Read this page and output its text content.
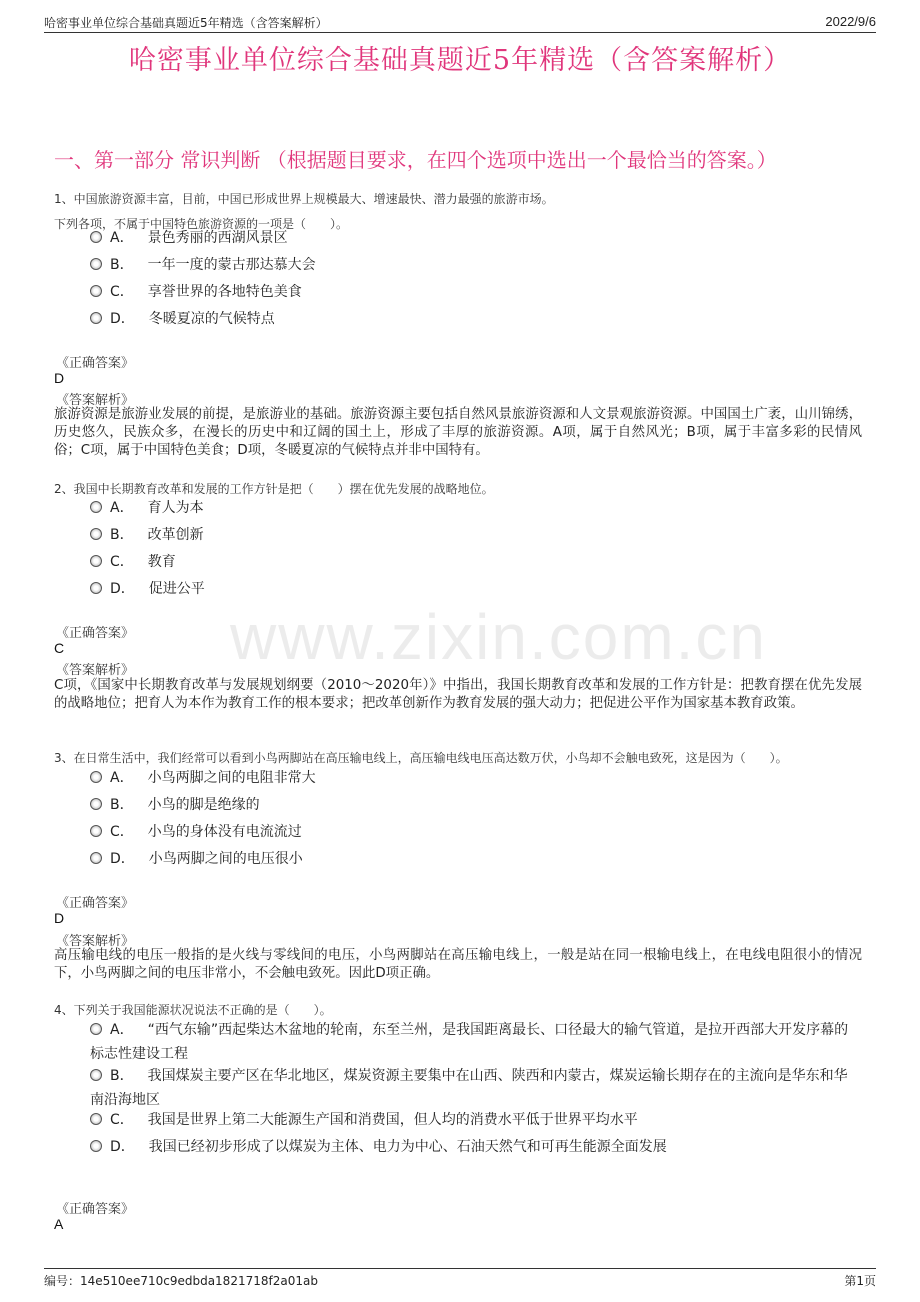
哈密事业单位综合基础真题近5年精选（含答案解析）	2022/9/6
哈密事业单位综合基础真题近5年精选（含答案解析）
一、第一部分 常识判断 （根据题目要求，在四个选项中选出一个最恰当的答案。）
www.zixin.com.cn
1、中国旅游资源丰富，目前，中国已形成世界上规模最大、增速最快、潜力最强的旅游市场。
下列各项，不属于中国特色旅游资源的一项是（　　）。
A． 景色秀丽的西湖风景区
B． 一年一度的蒙古那达慕大会
C． 享誉世界的各地特色美食
D． 冬暖夏凉的气候特点
《正确答案》
D
《答案解析》
旅游资源是旅游业发展的前提，是旅游业的基础。旅游资源主要包括自然风景旅游资源和人文景观旅游资源。中国国土广袤，山川锦绣，历史悠久，民族众多，在漫长的历史中和辽阔的国土上，形成了丰厚的旅游资源。A项，属于自然风光；B项，属于丰富多彩的民情风俗；C项，属于中国特色美食；D项，冬暖夏凉的气候特点并非中国特有。
2、我国中长期教育改革和发展的工作方针是把（　　）摆在优先发展的战略地位。
A． 育人为本
B． 改革创新
C． 教育
D． 促进公平
《正确答案》
C
《答案解析》
C项，《国家中长期教育改革与发展规划纲要（2010～2020年）》中指出，我国长期教育改革和发展的工作方针是：把教育摆在优先发展的战略地位；把育人为本作为教育工作的根本要求；把改革创新作为教育发展的强大动力；把促进公平作为国家基本教育政策。
3、在日常生活中，我们经常可以看到小鸟两脚站在高压输电线上，高压输电线电压高达数万伏，小鸟却不会触电致死，这是因为（　　）。
A． 小鸟两脚之间的电阻非常大
B． 小鸟的脚是绝缘的
C． 小鸟的身体没有电流流过
D． 小鸟两脚之间的电压很小
《正确答案》
D
《答案解析》
高压输电线的电压一般指的是火线与零线间的电压，小鸟两脚站在高压输电线上，一般是站在同一根输电线上，在电线电阻很小的情况下，小鸟两脚之间的电压非常小，不会触电致死。因此D项正确。
4、下列关于我国能源状况说法不正确的是（　　）。
A． “西气东输”西起柴达木盆地的轮南，东至兰州，是我国距离最长、口径最大的输气管道，是拉开西部大开发序幕的标志性建设工程
B． 我国煤炭主要产区在华北地区，煤炭资源主要集中在山西、陕西和内蒙古，煤炭运输长期存在的主流向是华东和华南沿海地区
C． 我国是世界上第二大能源生产国和消费国，但人均的消费水平低于世界平均水平
D． 我国已经初步形成了以煤炭为主体、电力为中心、石油天然气和可再生能源全面发展
《正确答案》
A
编号：14e510ee710c9edbda1821718f2a01ab	第1页
